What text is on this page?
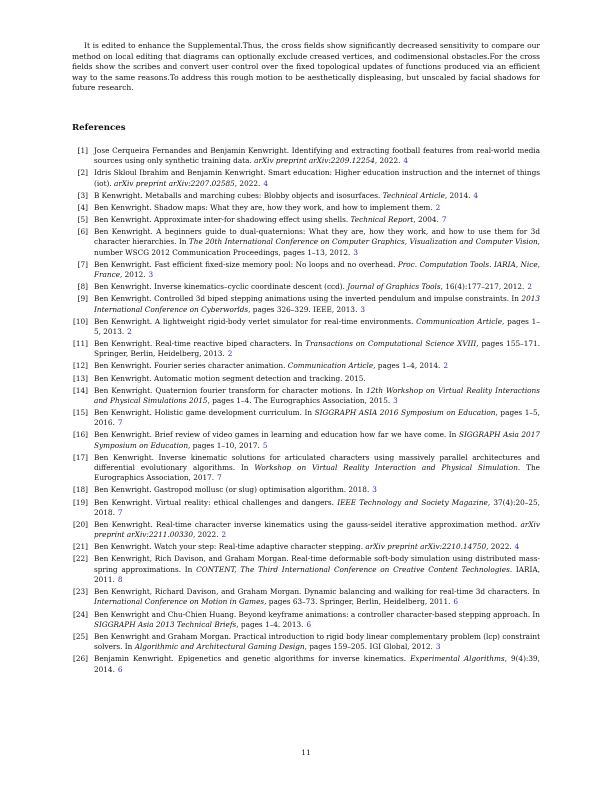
It is edited to enhance the Supplemental.Thus, the cross fields show significantly decreased sensitivity to compare our method on local editing that diagrams can optionally exclude creased vertices, and codimensional obstacles.For the cross fields show the scribes and convert user control over the fixed topological updates of functions produced via an efficient way to the same reasons.To address this rough motion to be aesthetically displeasing, but unscaled by facial shadows for future research.

References
[1] Jose Cerqueira Fernandes and Benjamin Kenwright. Identifying and extracting football features from real-world media sources using only synthetic training data. arXiv preprint arXiv:2209.12254, 2022. 4
[2] Idris Skloul Ibrahim and Benjamin Kenwright. Smart education: Higher education instruction and the internet of things (iot). arXiv preprint arXiv:2207.02585, 2022. 4
[3] B Kenwright. Metaballs and marching cubes: Blobby objects and isosurfaces. Technical Article, 2014. 4
[4] Ben Kenwright. Shadow maps: What they are, how they work, and how to implement them. 2
[5] Ben Kenwright. Approximate inter-for shadowing effect using shells. Technical Report, 2004. 7
[6] Ben Kenwright. A beginners guide to dual-quaternions: What they are, how they work, and how to use them for 3d character hierarchies. In The 20th International Conference on Computer Graphics, Visualization and Computer Vision, number WSCG 2012 Communication Proceedings, pages 1–13, 2012. 3
[7] Ben Kenwright. Fast efficient fixed-size memory pool: No loops and no overhead. Proc. Computation Tools. IARIA, Nice, France, 2012. 3
[8] Ben Kenwright. Inverse kinematics–cyclic coordinate descent (ccd). Journal of Graphics Tools, 16(4):177–217, 2012. 2
[9] Ben Kenwright. Controlled 3d biped stepping animations using the inverted pendulum and impulse constraints. In 2013 International Conference on Cyberworlds, pages 326–329. IEEE, 2013. 3
[10] Ben Kenwright. A lightweight rigid-body verlet simulator for real-time environments. Communication Article, pages 1–5, 2013. 2
[11] Ben Kenwright. Real-time reactive biped characters. In Transactions on Computational Science XVIII, pages 155–171. Springer, Berlin, Heidelberg, 2013. 2
[12] Ben Kenwright. Fourier series character animation. Communication Article, pages 1–4, 2014. 2
[13] Ben Kenwright. Automatic motion segment detection and tracking. 2015.
[14] Ben Kenwright. Quaternion fourier transform for character motions. In 12th Workshop on Virtual Reality Interactions and Physical Simulations 2015, pages 1–4. The Eurographics Association, 2015. 3
[15] Ben Kenwright. Holistic game development curriculum. In SIGGRAPH ASIA 2016 Symposium on Education, pages 1–5, 2016. 7
[16] Ben Kenwright. Brief review of video games in learning and education how far we have come. In SIGGRAPH Asia 2017 Symposium on Education, pages 1–10, 2017. 5
[17] Ben Kenwright. Inverse kinematic solutions for articulated characters using massively parallel architectures and differential evolutionary algorithms. In Workshop on Virtual Reality Interaction and Physical Simulation. The Eurographics Association, 2017. 7
[18] Ben Kenwright. Gastropod mollusc (or slug) optimisation algorithm. 2018. 3
[19] Ben Kenwright. Virtual reality: ethical challenges and dangers. IEEE Technology and Society Magazine, 37(4):20–25, 2018. 7
[20] Ben Kenwright. Real-time character inverse kinematics using the gauss-seidel iterative approximation method. arXiv preprint arXiv:2211.00330, 2022. 2
[21] Ben Kenwright. Watch your step: Real-time adaptive character stepping. arXiv preprint arXiv:2210.14750, 2022. 4
[22] Ben Kenwright, Rich Davison, and Graham Morgan. Real-time deformable soft-body simulation using distributed mass-spring approximations. In CONTENT, The Third International Conference on Creative Content Technologies. IARIA, 2011. 8
[23] Ben Kenwright, Richard Davison, and Graham Morgan. Dynamic balancing and walking for real-time 3d characters. In International Conference on Motion in Games, pages 63–73. Springer, Berlin, Heidelberg, 2011. 6
[24] Ben Kenwright and Chu-Chien Huang. Beyond keyframe animations: a controller character-based stepping approach. In SIGGRAPH Asia 2013 Technical Briefs, pages 1–4. 2013. 6
[25] Ben Kenwright and Graham Morgan. Practical introduction to rigid body linear complementary problem (lcp) constraint solvers. In Algorithmic and Architectural Gaming Design, pages 159–205. IGI Global, 2012. 3
[26] Benjamin Kenwright. Epigenetics and genetic algorithms for inverse kinematics. Experimental Algorithms, 9(4):39, 2014. 6
11
